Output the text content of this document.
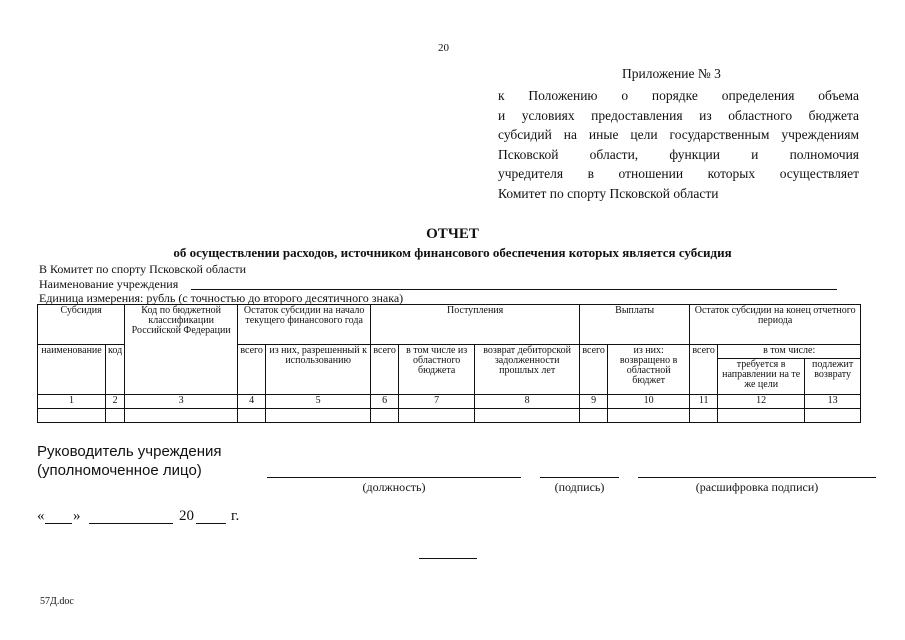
20
Приложение № 3
к Положению о порядке определения объема
и условиях предоставления из областного бюджета
субсидий на иные цели государственным учреждениям
Псковской области, функции и полномочия
учредителя в отношении которых осуществляет
Комитет по спорту Псковской области
ОТЧЕТ
об осуществлении расходов, источником финансового обеспечения которых является субсидия
В Комитет по спорту Псковской области
Наименование учреждения
Единица измерения: рубль (с точностью до второго десятичного знака)
Субсидия		Код по бюджетной классификации Российской Федерации	Остаток субсидии на начало текущего финансового года		Поступления			Выплаты		Остаток субсидии на конец отчетного периода		
наименование	код		всего	из них, разрешенный к использованию	всего	в том числе из областного бюджета	возврат дебиторской задолженности прошлых лет	всего	из них: возвращено в областной бюджет	всего	в том числе:	
											требуется в направлении на те же цели	подлежит возврату
1	2	3	4	5	6	7	8	9	10	11	12	13

Руководитель учреждения
(уполномоченное лицо)
(должность)	(подпись)	(расшифровка подписи)
« »	20 г.
57Д.doc
